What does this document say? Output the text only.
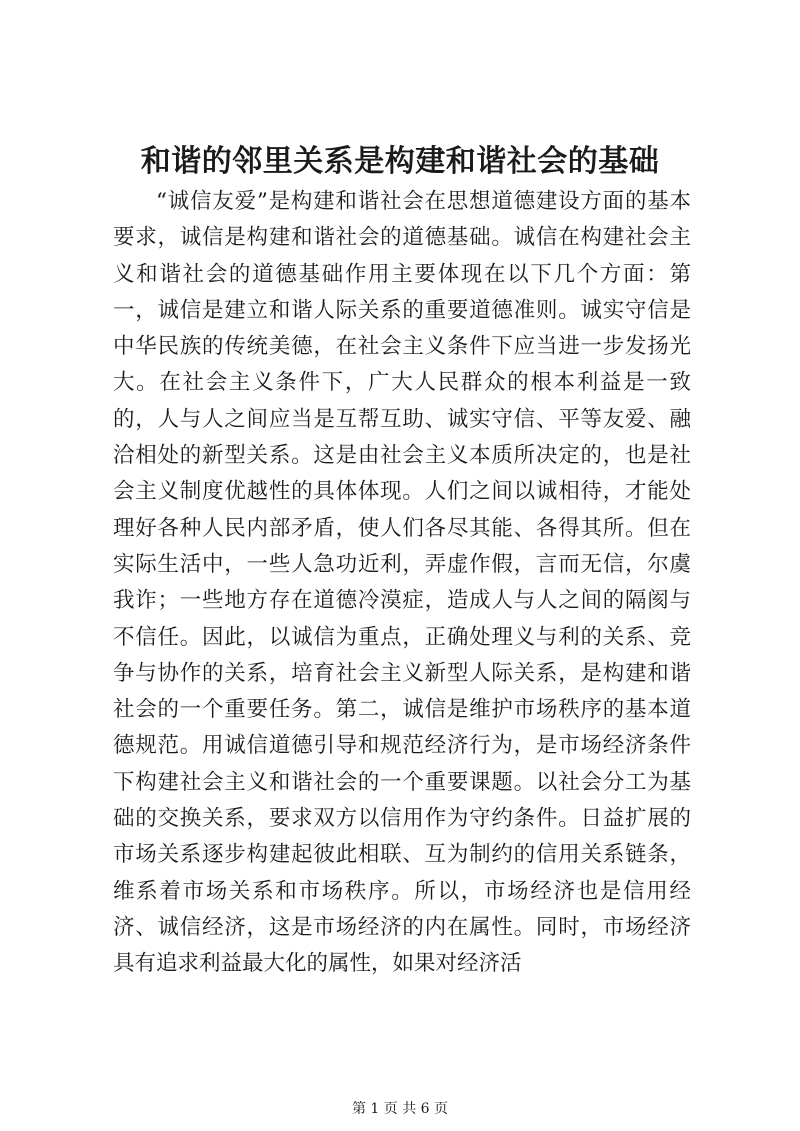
和谐的邻里关系是构建和谐社会的基础

“诚信友爱”是构建和谐社会在思想道德建设方面的基本要求，诚信是构建和谐社会的道德基础。诚信在构建社会主义和谐社会的道德基础作用主要体现在以下几个方面：第一，诚信是建立和谐人际关系的重要道德准则。诚实守信是中华民族的传统美德，在社会主义条件下应当进一步发扬光大。在社会主义条件下，广大人民群众的根本利益是一致的，人与人之间应当是互帮互助、诚实守信、平等友爱、融洽相处的新型关系。这是由社会主义本质所决定的，也是社会主义制度优越性的具体体现。人们之间以诚相待，才能处理好各种人民内部矛盾，使人们各尽其能、各得其所。但在实际生活中，一些人急功近利，弄虚作假，言而无信，尔虞我诈；一些地方存在道德冷漠症，造成人与人之间的隔阂与不信任。因此，以诚信为重点，正确处理义与利的关系、竞争与协作的关系，培育社会主义新型人际关系，是构建和谐社会的一个重要任务。第二，诚信是维护市场秩序的基本道德规范。用诚信道德引导和规范经济行为，是市场经济条件下构建社会主义和谐社会的一个重要课题。以社会分工为基础的交换关系，要求双方以信用作为守约条件。日益扩展的市场关系逐步构建起彼此相联、互为制约的信用关系链条，维系着市场关系和市场秩序。所以，市场经济也是信用经济、诚信经济，这是市场经济的内在属性。同时，市场经济具有追求利益最大化的属性，如果对经济活

第 1 页 共 6 页
